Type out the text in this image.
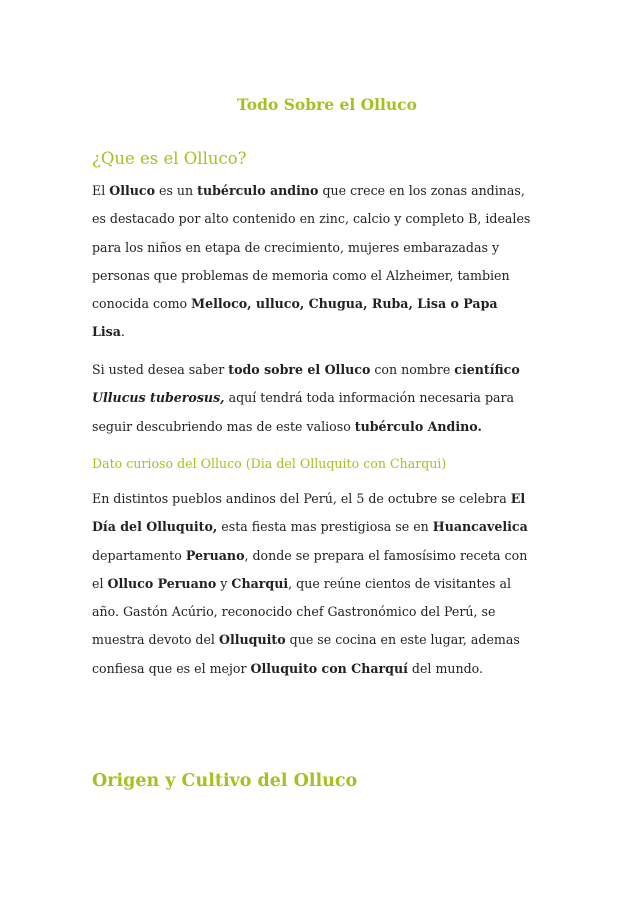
Todo Sobre el Olluco
¿Que es el Olluco?

El Olluco es un tubérculo andino que crece en los zonas andinas,
es destacado por alto contenido en zinc, calcio y completo B, ideales
para los niños en etapa de crecimiento, mujeres embarazadas y
personas que problemas de memoria como el Alzheimer, tambien
conocida como Melloco, ulluco, Chugua, Ruba, Lisa o Papa
Lisa.

Si usted desea saber todo sobre el Olluco con nombre científico
Ullucus tuberosus, aquí tendrá toda información necesaria para
seguir descubriendo mas de este valioso tubérculo Andino.

Dato curioso del Olluco (Dia del Olluquito con Charqui)

En distintos pueblos andinos del Perú, el 5 de octubre se celebra El
Día del Olluquito, esta fiesta mas prestigiosa se en Huancavelica
departamento Peruano, donde se prepara el famosísimo receta con
el Olluco Peruano y Charqui, que reúne cientos de visitantes al
año. Gastón Acúrio, reconocido chef Gastronómico del Perú, se
muestra devoto del Olluquito que se cocina en este lugar, ademas
confiesa que es el mejor Olluquito con Charquí del mundo.

Origen y Cultivo del Olluco
